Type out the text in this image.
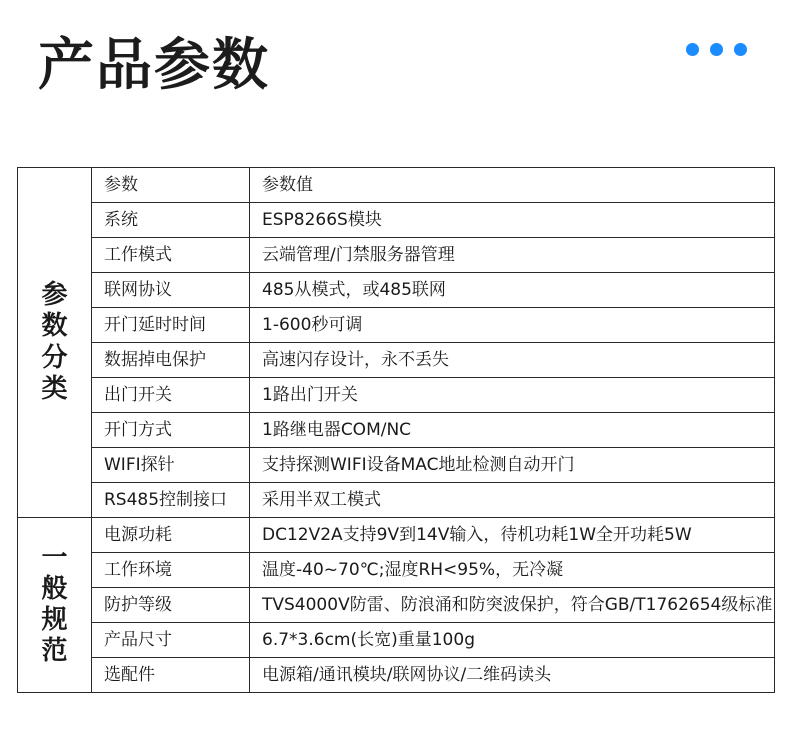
产品参数
参数分类	参数	参数值
	系统	ESP8266S模块
	工作模式	云端管理/门禁服务器管理
	联网协议	485从模式，或485联网
	开门延时时间	1-600秒可调
	数据掉电保护	高速闪存设计，永不丢失
	出门开关	1路出门开关
	开门方式	1路继电器COM/NC
	WIFI探针	支持探测WIFI设备MAC地址检测自动开门
	RS485控制接口	采用半双工模式
一般规范	电源功耗	DC12V2A支持9V到14V输入，待机功耗1W全开功耗5W
	工作环境	温度-40~70℃;湿度RH<95%，无冷凝
	防护等级	TVS4000V防雷、防浪涌和防突波保护，符合GB/T1762654级标准
	产品尺寸	6.7*3.6cm(长宽)重量100g
	选配件	电源箱/通讯模块/联网协议/二维码读头
